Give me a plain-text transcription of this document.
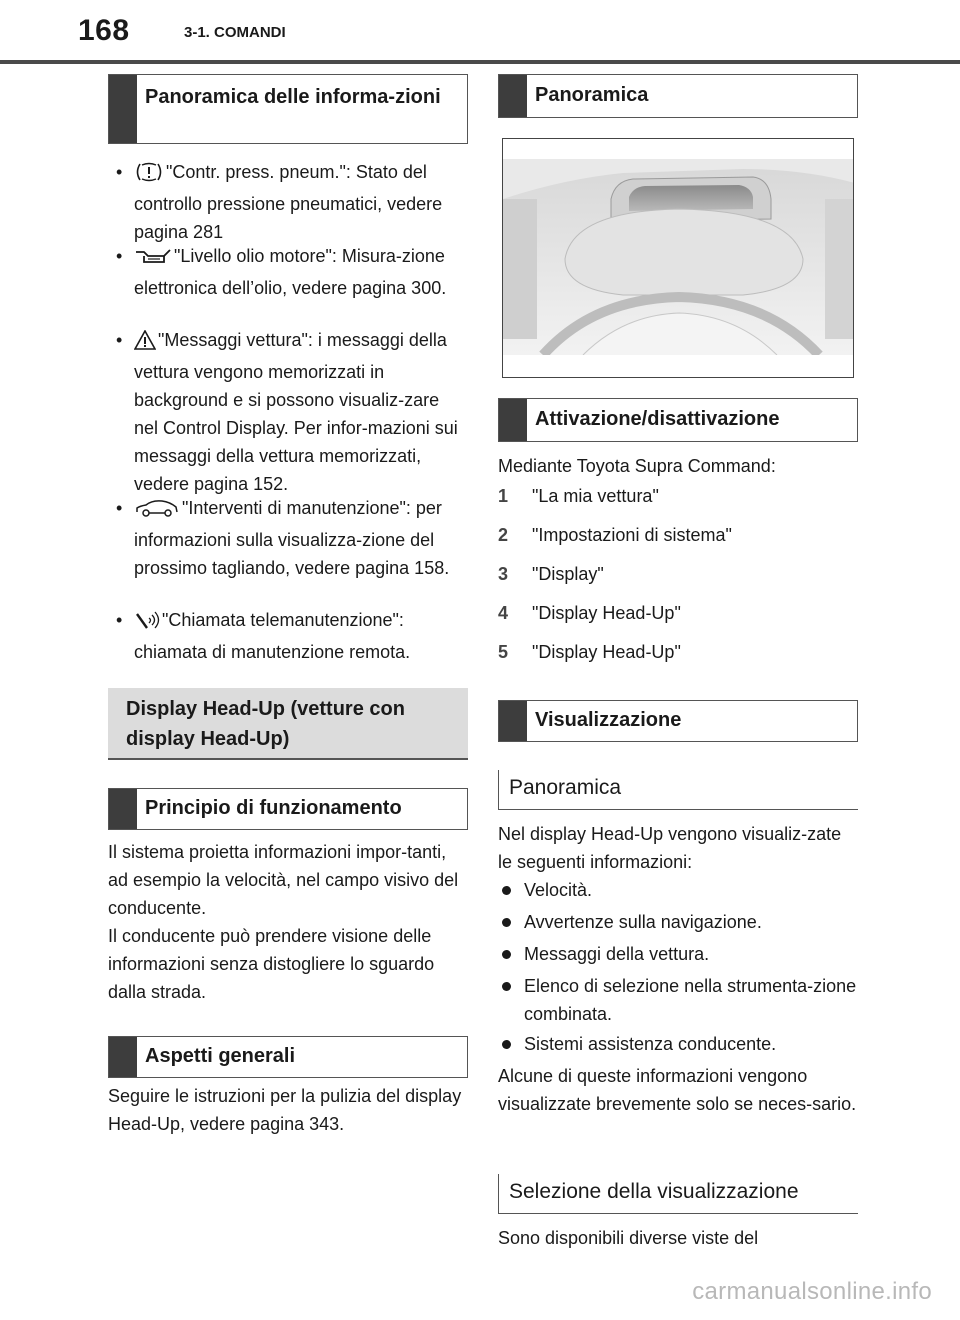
168	3-1. COMANDI
Panoramica delle informa-zioni
•	"Contr. press. pneum.": Stato del controllo pressione pneumatici, vedere pagina 281
•	"Livello olio motore": Misura-zione elettronica dell’olio, vedere pagina 300.
•	"Messaggi vettura": i messaggi della vettura vengono memorizzati in background e si possono visualiz-zare nel Control Display. Per infor-mazioni sui messaggi della vettura memorizzati, vedere pagina 152.
•	"Interventi di manutenzione": per informazioni sulla visualizza-zione del prossimo tagliando, vedere pagina 158.
•	"Chiamata telemanutenzione": chiamata di manutenzione remota.
Display Head-Up (vetture con display Head-Up)
Principio di funzionamento
Il sistema proietta informazioni impor-tanti, ad esempio la velocità, nel campo visivo del conducente.
Il conducente può prendere visione delle informazioni senza distogliere lo sguardo dalla strada.
Aspetti generali
Seguire le istruzioni per la pulizia del display Head-Up, vedere pagina 343.
Panoramica
Attivazione/disattivazione
Mediante Toyota Supra Command:
1 "La mia vettura"
2 "Impostazioni di sistema"
3 "Display"
4 "Display Head-Up"
5 "Display Head-Up"
Visualizzazione
Panoramica
Nel display Head-Up vengono visualiz-zate le seguenti informazioni:
Velocità.
Avvertenze sulla navigazione.
Messaggi della vettura.
Elenco di selezione nella strumenta-zione combinata.
Sistemi assistenza conducente.
Alcune di queste informazioni vengono visualizzate brevemente solo se neces-sario.
Selezione della visualizzazione
Sono disponibili diverse viste del
carmanualsonline.info
